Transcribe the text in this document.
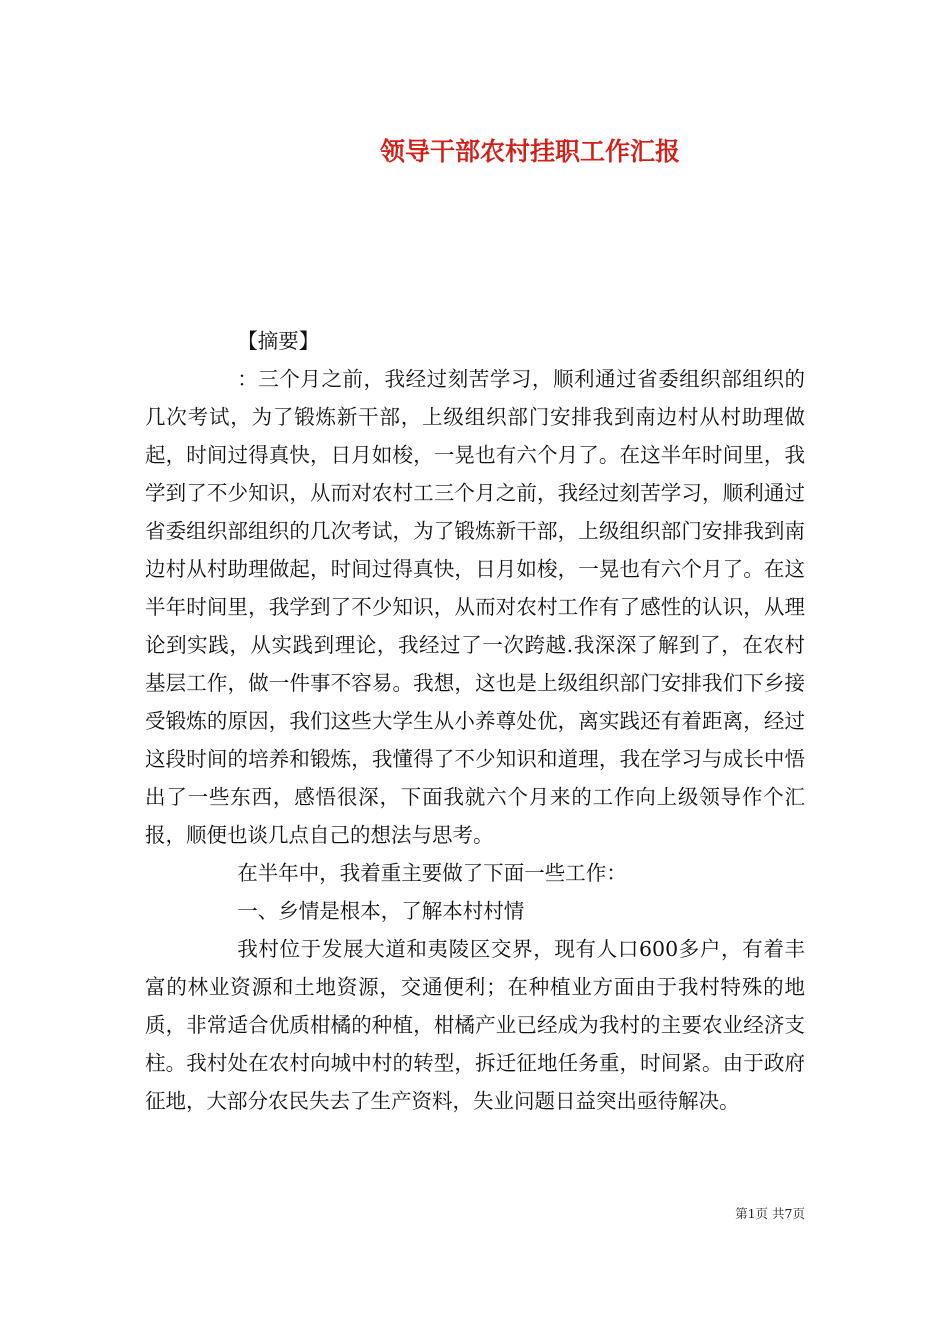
领导干部农村挂职工作汇报

【摘要】

：三个月之前，我经过刻苦学习，顺利通过省委组织部组织的几次考试，为了锻炼新干部，上级组织部门安排我到南边村从村助理做起，时间过得真快，日月如梭，一晃也有六个月了。在这半年时间里，我学到了不少知识，从而对农村工三个月之前，我经过刻苦学习，顺利通过省委组织部组织的几次考试，为了锻炼新干部，上级组织部门安排我到南边村从村助理做起，时间过得真快，日月如梭，一晃也有六个月了。在这半年时间里，我学到了不少知识，从而对农村工作有了感性的认识，从理论到实践，从实践到理论，我经过了一次跨越.我深深了解到了，在农村基层工作，做一件事不容易。我想，这也是上级组织部门安排我们下乡接受锻炼的原因，我们这些大学生从小养尊处优，离实践还有着距离，经过这段时间的培养和锻炼，我懂得了不少知识和道理，我在学习与成长中悟出了一些东西，感悟很深，下面我就六个月来的工作向上级领导作个汇报，顺便也谈几点自己的想法与思考。

在半年中，我着重主要做了下面一些工作：

一、乡情是根本，了解本村村情

我村位于发展大道和夷陵区交界，现有人口600多户，有着丰富的林业资源和土地资源，交通便利；在种植业方面由于我村特殊的地质，非常适合优质柑橘的种植，柑橘产业已经成为我村的主要农业经济支柱。我村处在农村向城中村的转型，拆迁征地任务重，时间紧。由于政府征地，大部分农民失去了生产资料，失业问题日益突出亟待解决。

第1页 共7页
